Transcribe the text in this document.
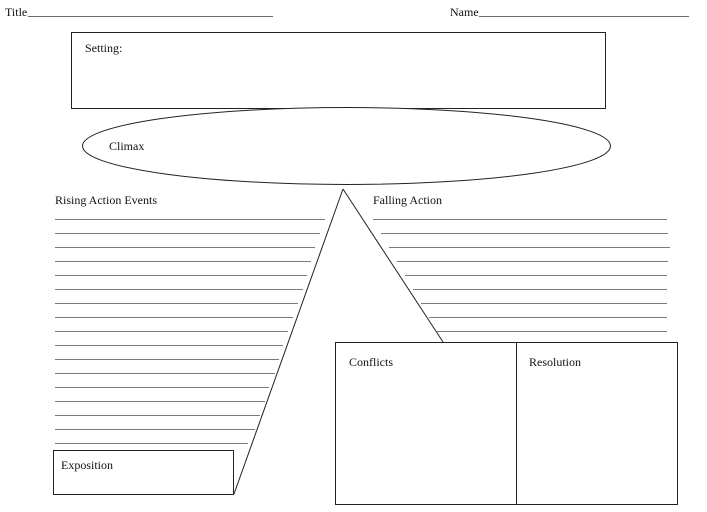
Title	Name
Setting:
Climax
Rising Action Events	Falling Action
Conflicts	Resolution
Exposition
